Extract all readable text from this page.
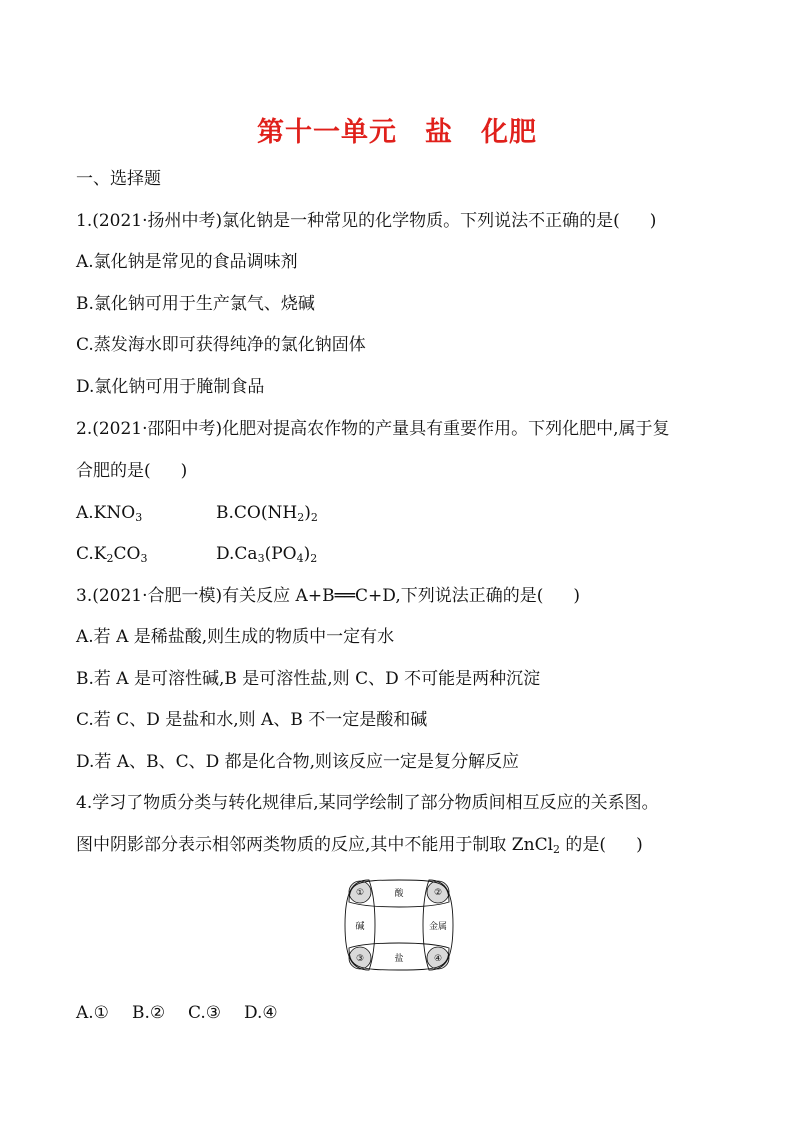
第十一单元　盐　化肥
一、选择题
1.(2021·扬州中考)氯化钠是一种常见的化学物质。下列说法不正确的是( )
A.氯化钠是常见的食品调味剂
B.氯化钠可用于生产氯气、烧碱
C.蒸发海水即可获得纯净的氯化钠固体
D.氯化钠可用于腌制食品
2.(2021·邵阳中考)化肥对提高农作物的产量具有重要作用。下列化肥中,属于复
合肥的是( )
$A.KNO_3$	$B.CO(NH_2)_2$
$C.K_2CO_3$	$D.Ca_3(PO_4)_2$
3.(2021·合肥一模)有关反应 A+B══C+D,下列说法正确的是( )
A.若 A 是稀盐酸,则生成的物质中一定有水
B.若 A 是可溶性碱,B 是可溶性盐,则 C、D 不可能是两种沉淀
C.若 C、D 是盐和水,则 A、B 不一定是酸和碱
D.若 A、B、C、D 都是化合物,则该反应一定是复分解反应
4.学习了物质分类与转化规律后,某同学绘制了部分物质间相互反应的关系图。
图中阴影部分表示相邻两类物质的反应,其中不能用于制取 ZnCl$_2$ 的是( )
酸
碱	金属
盐
①	②
③	④
A.① B.② C.③ D.④
